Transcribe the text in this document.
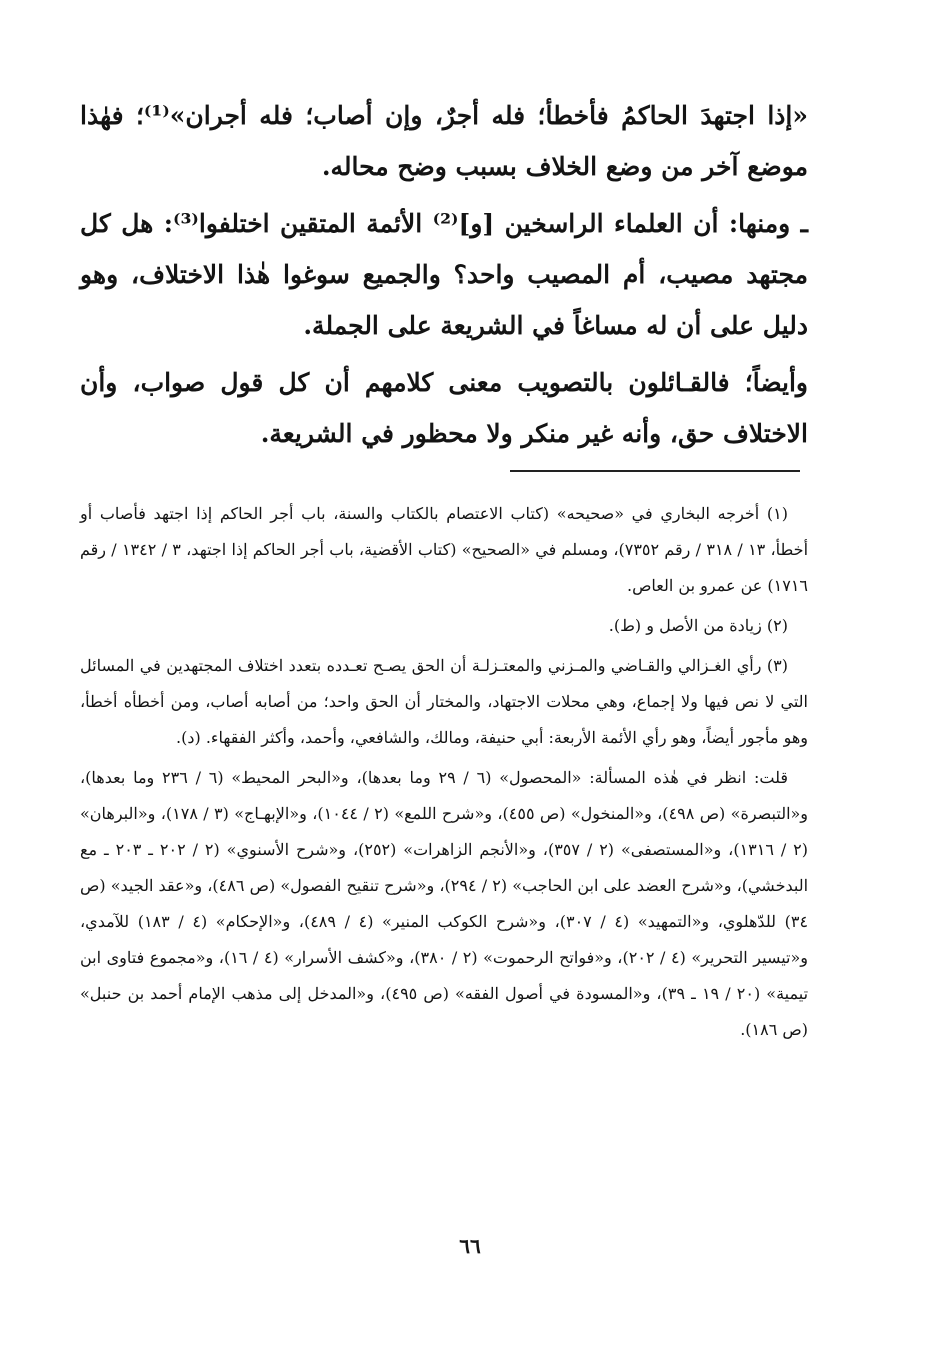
«إذا اجتهدَ الحاكمُ فأخطأ؛ فله أجرٌ، وإن أصاب؛ فله أجران»⁽¹⁾؛ فهٰذا موضع آخر من وضع الخلاف بسبب وضح محاله.

ـ ومنها: أن العلماء الراسخين [و]⁽²⁾ الأئمة المتقين اختلفوا⁽³⁾: هل كل مجتهد مصيب، أم المصيب واحد؟ والجميع سوغوا هٰذا الاختلاف، وهو دليل على أن له مساغاً في الشريعة على الجملة.

وأيضاً؛ فالقـائلون بالتصويب معنى كلامهم أن كل قول صواب، وأن الاختلاف حق، وأنه غير منكر ولا محظور في الشريعة.

(١) أخرجه البخاري في «صحيحه» (كتاب الاعتصام بالكتاب والسنة، باب أجر الحاكم إذا اجتهد فأصاب أو أخطأ، ١٣ / ٣١٨ / رقم ٧٣٥٢)، ومسلم في «الصحيح» (كتاب الأقضية، باب أجر الحاكم إذا اجتهد، ٣ / ١٣٤٢ / رقم ١٧١٦) عن عمرو بن العاص.

(٢) زيادة من الأصل و (ط).

(٣) رأي الغـزالي والقـاضي والمـزني والمعتـزلـة أن الحق يصـح تعـدده بتعدد اختلاف المجتهدين في المسائل التي لا نص فيها ولا إجماع، وهي محلات الاجتهاد، والمختار أن الحق واحد؛ من أصابه أصاب، ومن أخطأه أخطأ، وهو مأجور أيضاً، وهو رأي الأئمة الأربعة: أبي حنيفة، ومالك، والشافعي، وأحمد، وأكثر الفقهاء. (د).

قلت: انظر في هٰذه المسألة: «المحصول» (٦ / ٢٩ وما بعدها)، و«البحر المحيط» (٦ / ٢٣٦ وما بعدها)، و«التبصرة» (ص ٤٩٨)، و«المنخول» (ص ٤٥٥)، و«شرح اللمع» (٢ / ١٠٤٤)، و«الإبهـاج» (٣ / ١٧٨)، و«البرهان» (٢ / ١٣١٦)، و«المستصفى» (٢ / ٣٥٧)، و«الأنجم الزاهرات» (٢٥٢)، و«شرح الأسنوي» (٢ / ٢٠٢ ـ ٢٠٣ ـ مع البدخشي)، و«شرح العضد على ابن الحاجب» (٢ / ٢٩٤)، و«شرح تنقيح الفصول» (ص ٤٨٦)، و«عقد الجيد» (ص ٣٤) للدّهلوي، و«التمهيد» (٤ / ٣٠٧)، و«شرح الكوكب المنير» (٤ / ٤٨٩)، و«الإحكام» (٤ / ١٨٣) للآمدي، و«تيسير التحرير» (٤ / ٢٠٢)، و«فواتح الرحموت» (٢ / ٣٨٠)، و«كشف الأسرار» (٤ / ١٦)، و«مجموع فتاوى ابن تيمية» (٢٠ / ١٩ ـ ٣٩)، و«المسودة في أصول الفقه» (ص ٤٩٥)، و«المدخل إلى مذهب الإمام أحمد بن حنبل» (ص ١٨٦).

٦٦
